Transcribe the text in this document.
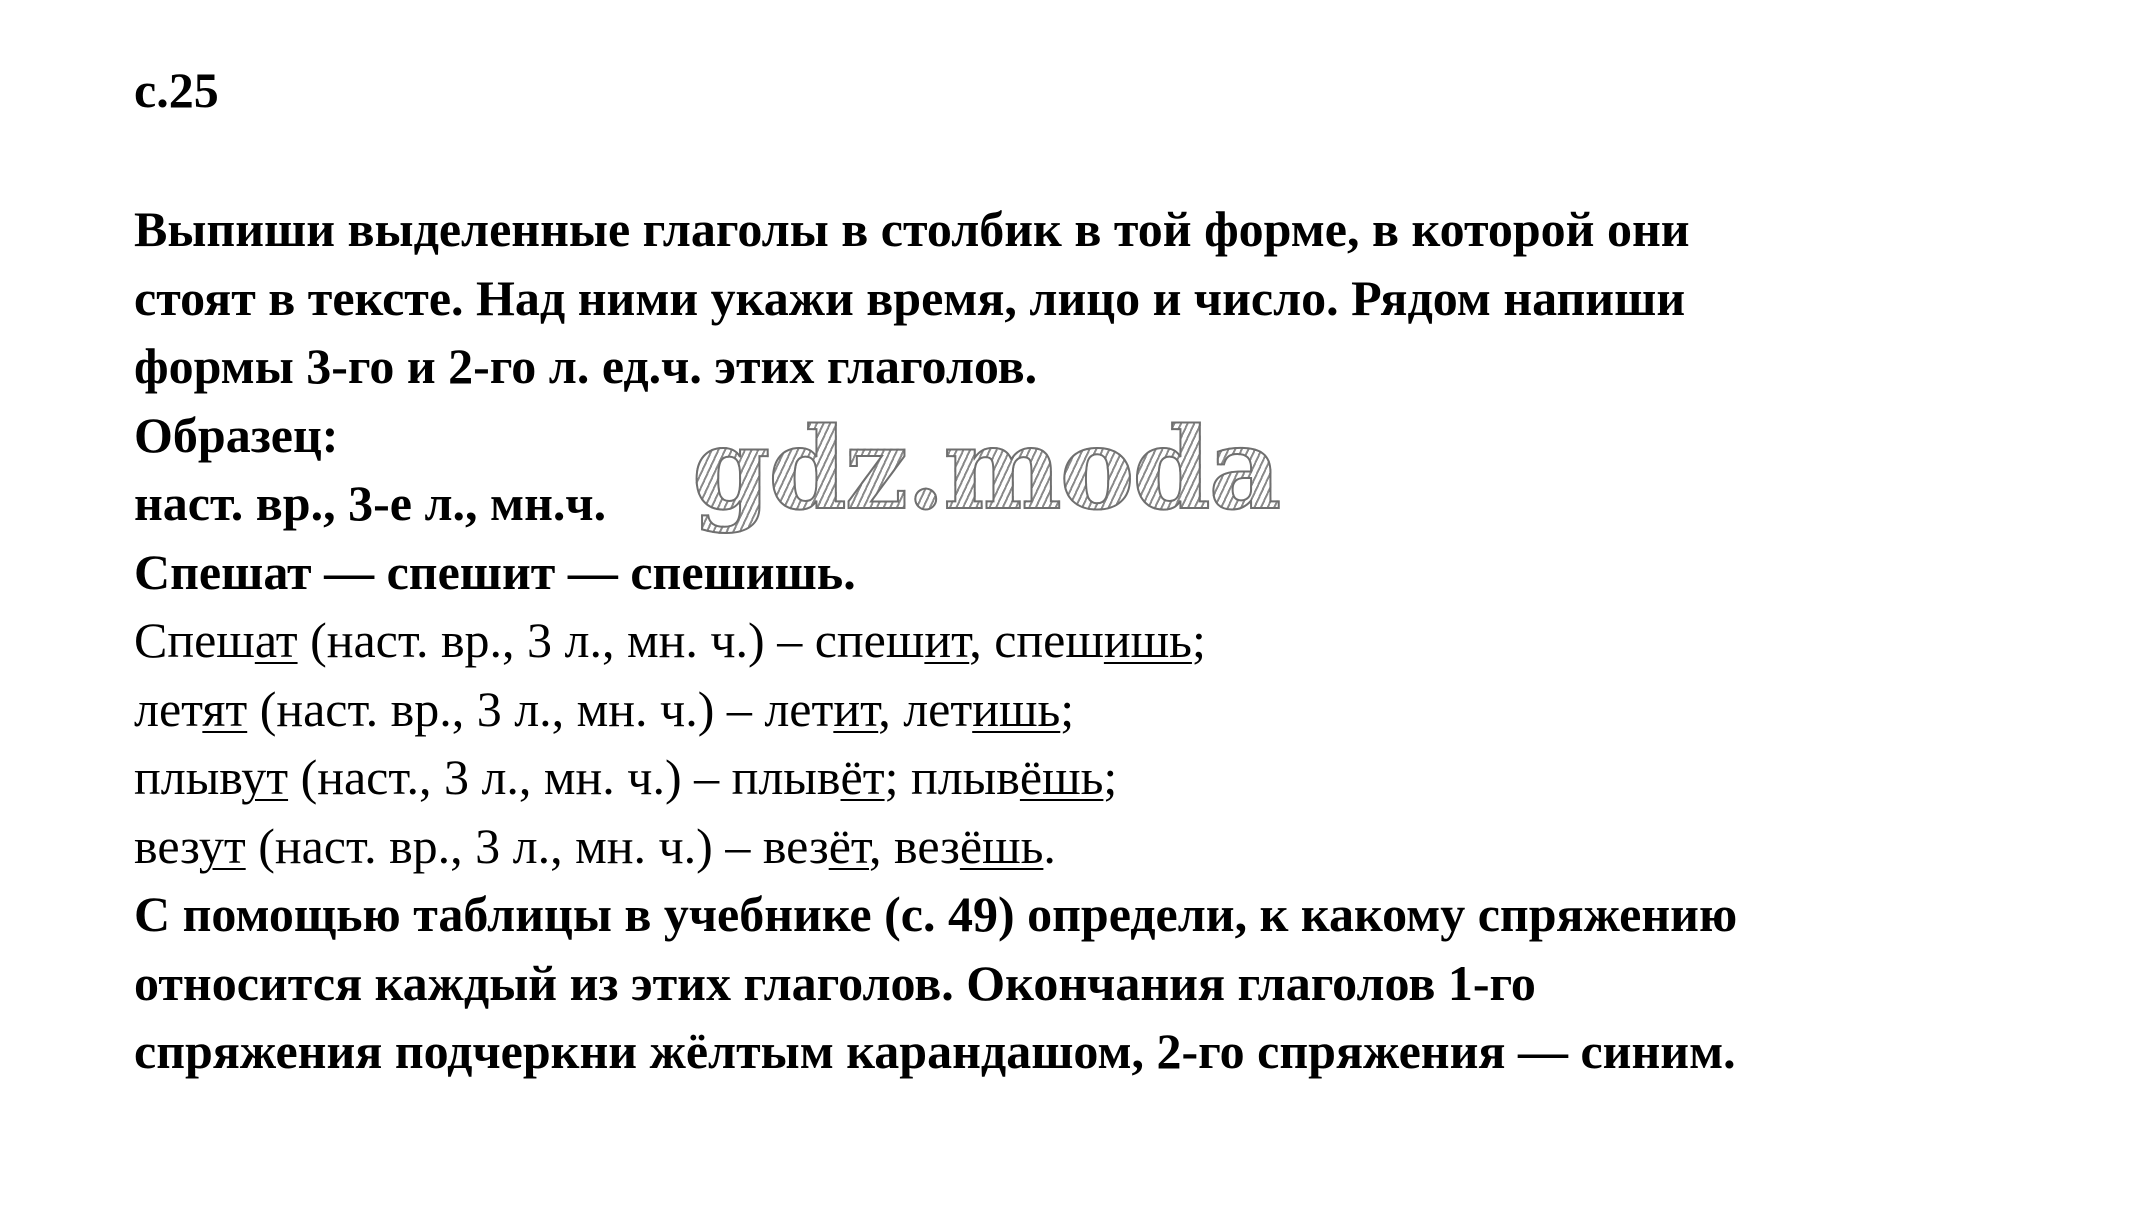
с.25

Выпиши выделенные глаголы в столбик в той форме, в которой они
стоят в тексте. Над ними укажи время, лицо и число. Рядом напиши
формы 3-го и 2-го л. ед.ч. этих глаголов.
Образец:
наст. вр., 3-е л., мн.ч.
Спешат — спешит — спешишь.
Спешат (наст. вр., 3 л., мн. ч.) – спешит, спешишь;
летят (наст. вр., 3 л., мн. ч.) – летит, летишь;
плывут (наст., 3 л., мн. ч.) – плывёт; плывёшь;
везут (наст. вр., 3 л., мн. ч.) – везёт, везёшь.
С помощью таблицы в учебнике (с. 49) определи, к какому спряжению
относится каждый из этих глаголов. Окончания глаголов 1-го
спряжения подчеркни жёлтым карандашом, 2-го спряжения — синим.
gdz.moda
